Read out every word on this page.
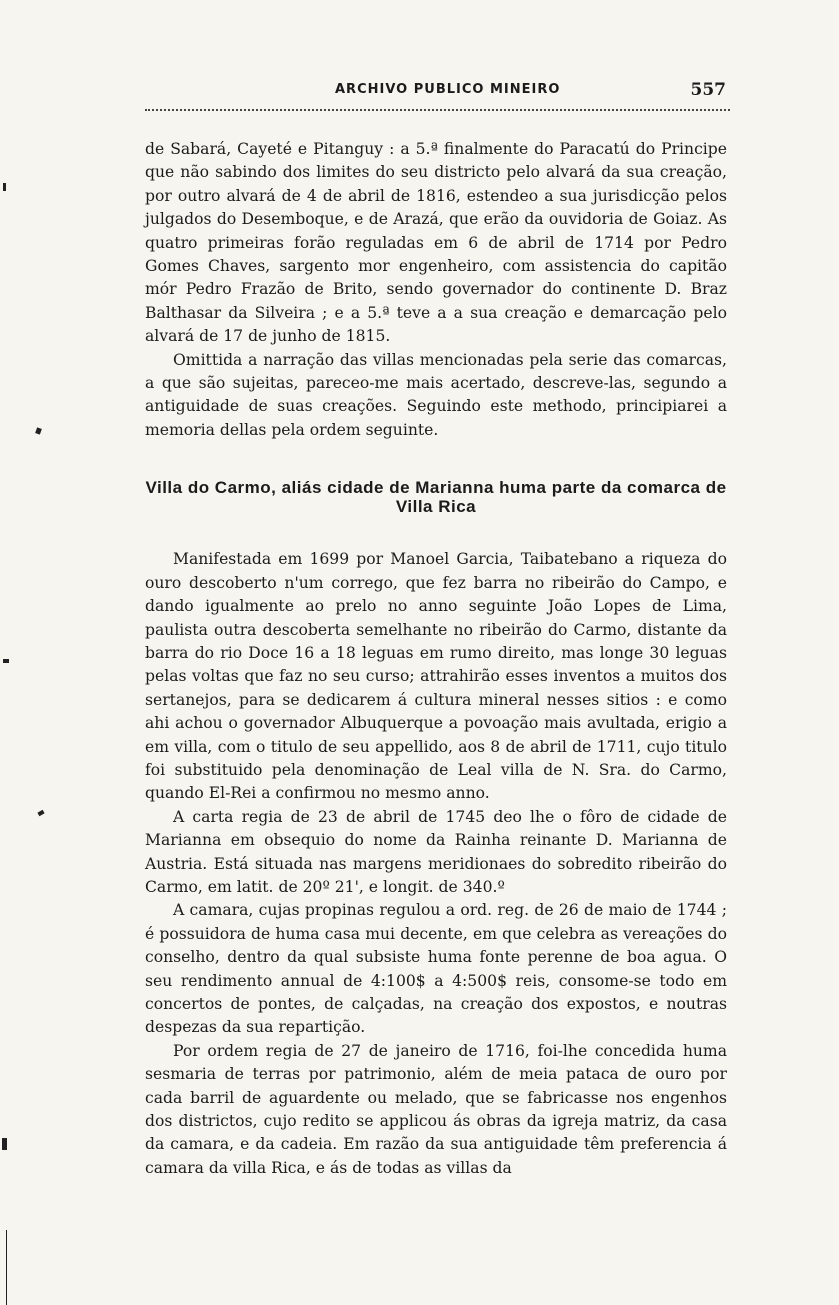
ARCHIVO PUBLICO MINEIRO	557

de Sabará, Cayeté e Pitanguy : a 5.ª finalmente do Paracatú do Principe que não sabindo dos limites do seu districto pelo alvará da sua creação, por outro alvará de 4 de abril de 1816, estendeo a sua jurisdicção pelos julgados do Desemboque, e de Arazá, que erão da ouvidoria de Goiaz. As quatro primeiras forão reguladas em 6 de abril de 1714 por Pedro Gomes Chaves, sargento mor engenheiro, com assistencia do capitão mór Pedro Frazão de Brito, sendo governador do continente D. Braz Balthasar da Silveira ; e a 5.ª teve a a sua creação e demarcação pelo alvará de 17 de junho de 1815.

Omittida a narração das villas mencionadas pela serie das comarcas, a que são sujeitas, pareceo-me mais acertado, descreve-las, segundo a antiguidade de suas creações. Seguindo este methodo, principiarei a memoria dellas pela ordem seguinte.

Villa do Carmo, aliás cidade de Marianna huma parte da comarca de Villa Rica

Manifestada em 1699 por Manoel Garcia, Taibatebano a riqueza do ouro descoberto n'um corrego, que fez barra no ribeirão do Campo, e dando igualmente ao prelo no anno seguinte João Lopes de Lima, paulista outra descoberta semelhante no ribeirão do Carmo, distante da barra do rio Doce 16 a 18 leguas em rumo direito, mas longe 30 leguas pelas voltas que faz no seu curso; attrahirão esses inventos a muitos dos sertanejos, para se dedicarem á cultura mineral nesses sitios : e como ahi achou o governador Albuquerque a povoação mais avultada, erigio a em villa, com o titulo de seu appellido, aos 8 de abril de 1711, cujo titulo foi substituido pela denominação de Leal villa de N. Sra. do Carmo, quando El-Rei a confirmou no mesmo anno.

A carta regia de 23 de abril de 1745 deo lhe o fôro de cidade de Marianna em obsequio do nome da Rainha reinante D. Marianna de Austria. Está situada nas margens meridionaes do sobredito ribeirão do Carmo, em latit. de 20º 21', e longit. de 340.º

A camara, cujas propinas regulou a ord. reg. de 26 de maio de 1744 ; é possuidora de huma casa mui decente, em que celebra as vereações do conselho, dentro da qual subsiste huma fonte perenne de boa agua. O seu rendimento annual de 4:100$ a 4:500$ reis, consome-se todo em concertos de pontes, de calçadas, na creação dos expostos, e noutras despezas da sua repartição.

Por ordem regia de 27 de janeiro de 1716, foi-lhe concedida huma sesmaria de terras por patrimonio, além de meia pataca de ouro por cada barril de aguardente ou melado, que se fabricasse nos engenhos dos districtos, cujo redito se applicou ás obras da igreja matriz, da casa da camara, e da cadeia. Em razão da sua antiguidade têm preferencia á camara da villa Rica, e ás de todas as villas da
